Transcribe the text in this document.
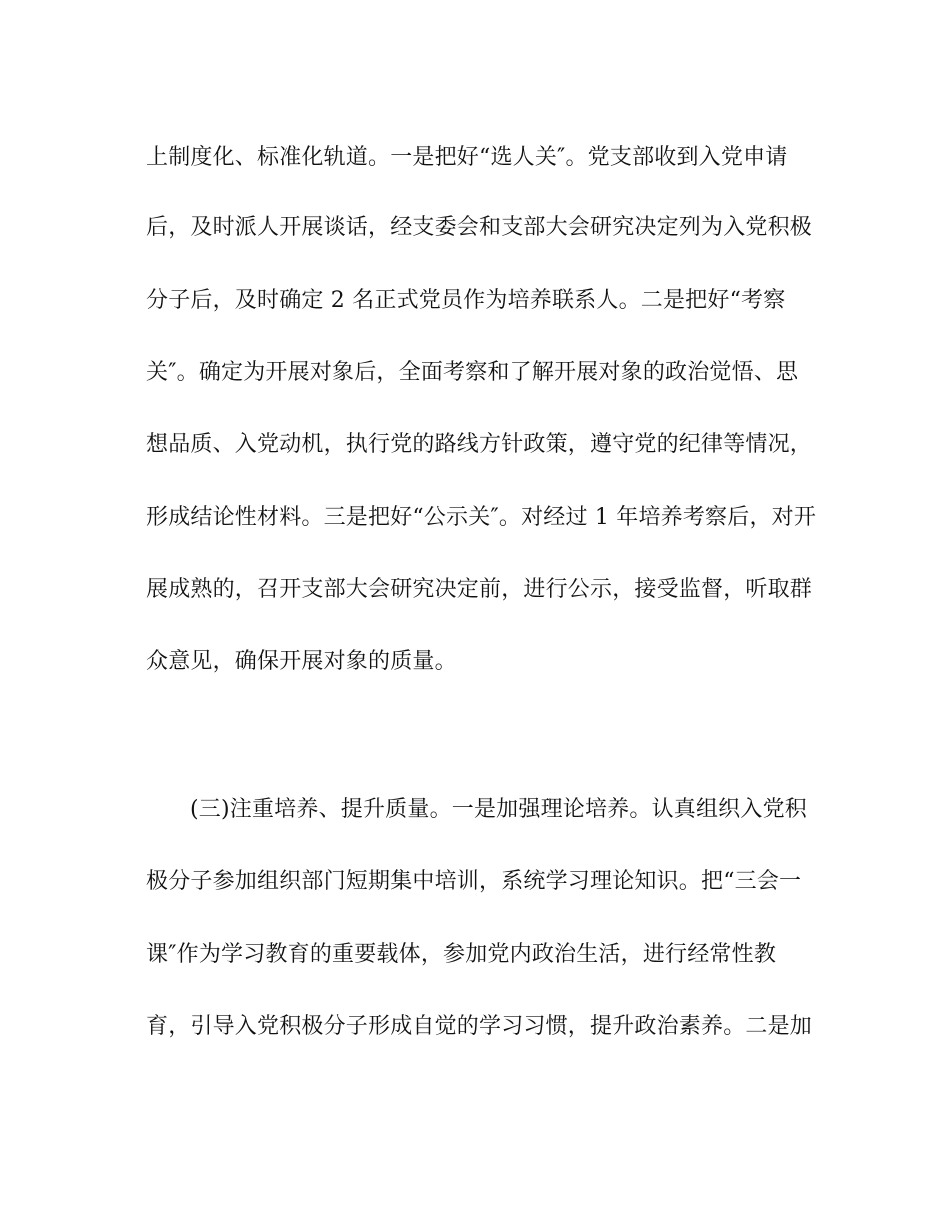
上制度化、标准化轨道。一是把好“选人关″。党支部收到入党申请
后，及时派人开展谈话，经支委会和支部大会研究决定列为入党积极
分子后，及时确定 2 名正式党员作为培养联系人。二是把好“考察
关″。确定为开展对象后，全面考察和了解开展对象的政治觉悟、思
想品质、入党动机，执行党的路线方针政策，遵守党的纪律等情况，
形成结论性材料。三是把好“公示关″。对经过 1 年培养考察后，对开
展成熟的，召开支部大会研究决定前，进行公示，接受监督，听取群
众意见，确保开展对象的质量。
(三)注重培养、提升质量。一是加强理论培养。认真组织入党积
极分子参加组织部门短期集中培训，系统学习理论知识。把“三会一
课″作为学习教育的重要载体，参加党内政治生活，进行经常性教
育，引导入党积极分子形成自觉的学习习惯，提升政治素养。二是加
